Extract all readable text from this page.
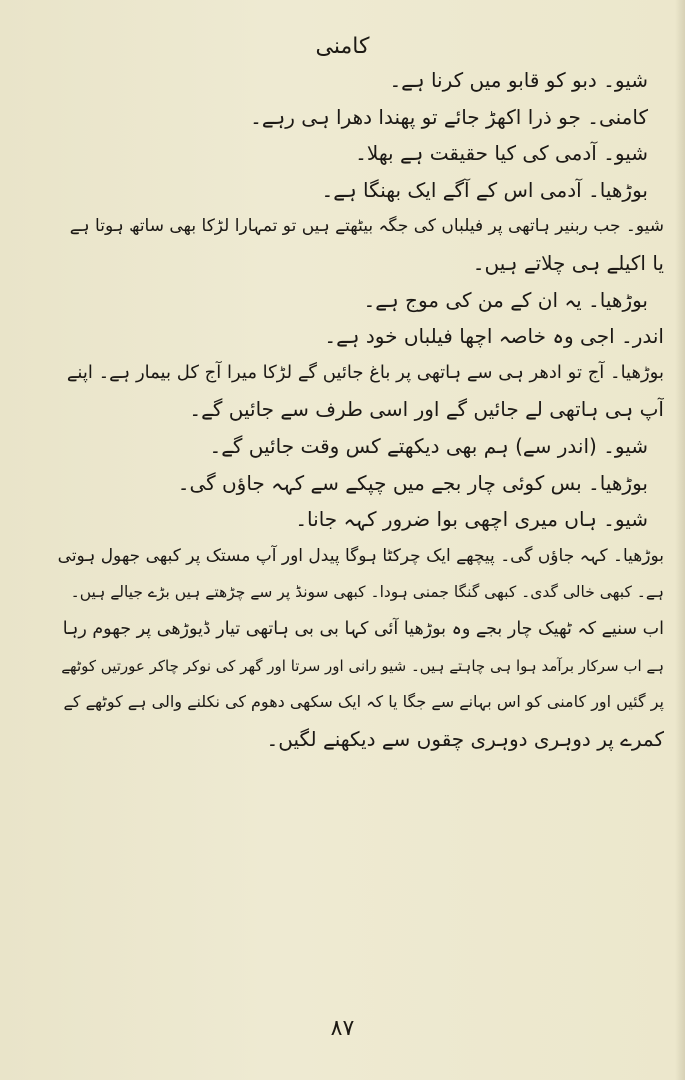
کامنی
شیو۔ دبو کو قابو میں کرنا ہے۔
کامنی۔ جو ذرا اکھڑ جائے تو پھندا دھرا ہی رہے۔
شیو۔ آدمی کی کیا حقیقت ہے بھلا۔
بوڑھیا۔ آدمی اس کے آگے ایک بھنگا ہے۔
شیو۔ جب ربنیر ہاتھی پر فیلباں کی جگہ بیٹھتے ہیں تو تمہارا لڑکا بھی ساتھ ہوتا ہے
یا اکیلے ہی چلاتے ہیں۔
بوڑھیا۔ یہ ان کے من کی موج ہے۔
اندر۔ اجی وہ خاصہ اچھا فیلباں خود ہے۔
بوڑھیا۔ آج تو ادھر ہی سے ہاتھی پر باغ جائیں گے لڑکا میرا آج کل بیمار ہے۔ اپنے
آپ ہی ہاتھی لے جائیں گے اور اسی طرف سے جائیں گے۔
شیو۔ (اندر سے) ہم بھی دیکھتے کس وقت جائیں گے۔
بوڑھیا۔ بس کوئی چار بجے میں چپکے سے کہہ جاؤں گی۔
شیو۔ ہاں میری اچھی بوا ضرور کہہ جانا۔
بوڑھیا۔ کہہ جاؤں گی۔ پیچھے ایک چرکٹا ہوگا پیدل اور آپ مستک پر کبھی جھول ہوتی
ہے۔ کبھی خالی گدی۔ کبھی گنگا جمنی ہودا۔ کبھی سونڈ پر سے چڑھتے ہیں بڑے جیالے ہیں۔
اب سنیے کہ ٹھیک چار بجے وہ بوڑھیا آئی کہا بی بی ہاتھی تیار ڈیوڑھی پر جھوم رہا
ہے اب سرکار برآمد ہوا ہی چاہتے ہیں۔ شیو رانی اور سرتا اور گھر کی نوکر چاکر عورتیں کوٹھے
پر گئیں اور کامنی کو اس بہانے سے جگا یا کہ ایک سکھی دھوم کی نکلنے والی ہے کوٹھے کے
کمرے پر دوہری دوہری چقوں سے دیکھنے لگیں۔
۸۷
